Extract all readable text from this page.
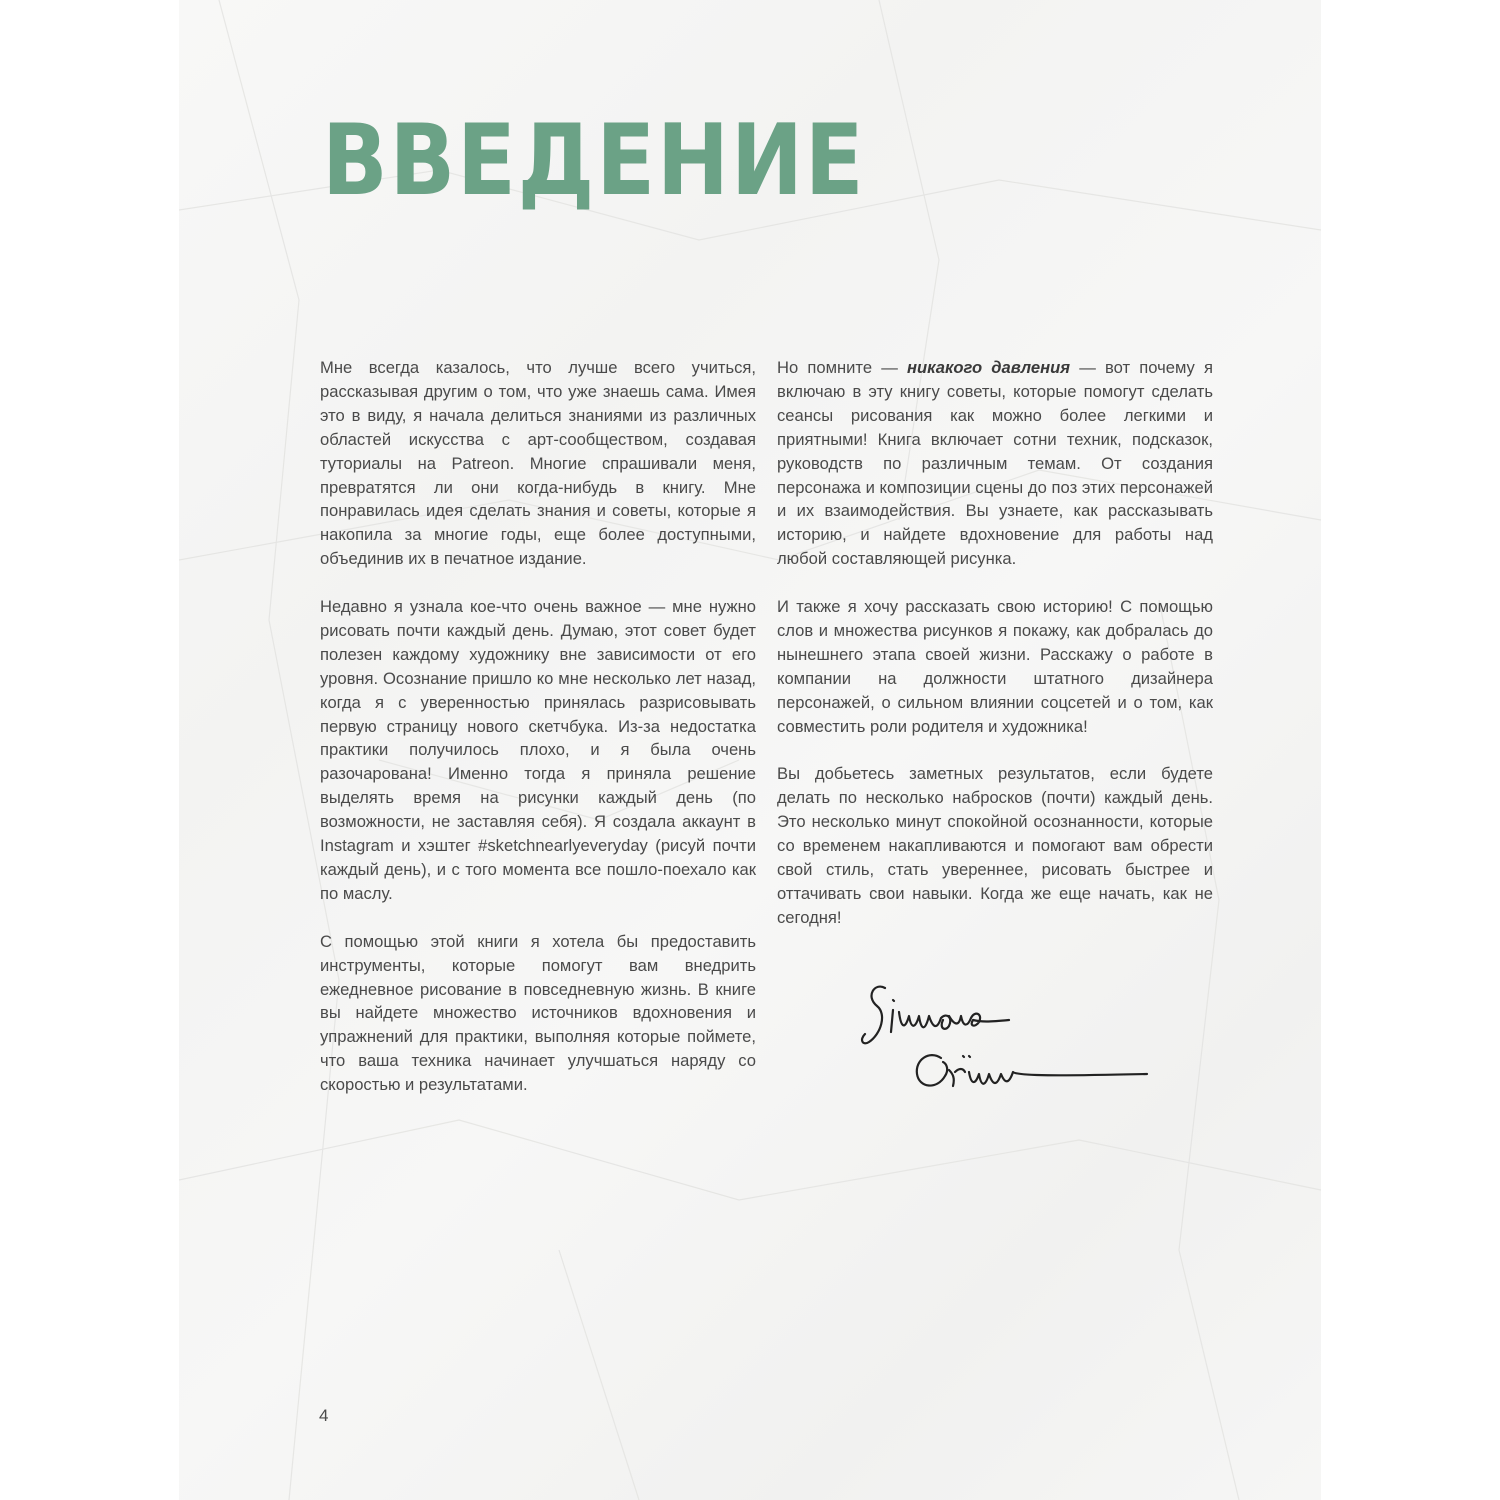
ВВЕДЕНИЕ

Мне всегда казалось, что лучше всего учиться, рассказывая другим о том, что уже знаешь сама. Имея это в виду, я начала делиться знаниями из различных областей искусства с арт-сообществом, создавая туториалы на Patreon. Многие спрашивали меня, превратятся ли они когда-нибудь в книгу. Мне понравилась идея сделать знания и советы, которые я накопила за многие годы, еще более доступными, объединив их в печатное издание.

Недавно я узнала кое-что очень важное — мне нужно рисовать почти каждый день. Думаю, этот совет будет полезен каждому художнику вне зависимости от его уровня. Осознание пришло ко мне несколько лет назад, когда я с уверенностью принялась разрисовывать первую страницу нового скетчбука. Из-за недостатка практики получилось плохо, и я была очень разочарована! Именно тогда я приняла решение выделять время на рисунки каждый день (по возможности, не заставляя себя). Я создала аккаунт в Instagram и хэштег #sketchnearlyeveryday (рисуй почти каждый день), и с того момента все пошло-поехало как по маслу.

С помощью этой книги я хотела бы предоставить инструменты, которые помогут вам внедрить ежедневное рисование в повседневную жизнь. В книге вы найдете множество источников вдохновения и упражнений для практики, выполняя которые поймете, что ваша техника начинает улучшаться наряду со скоростью и результатами.

Но помните — никакого давления — вот почему я включаю в эту книгу советы, которые помогут сделать сеансы рисования как можно более легкими и приятными! Книга включает сотни техник, подсказок, руководств по различным темам. От создания персонажа и композиции сцены до поз этих персонажей и их взаимодействия. Вы узнаете, как рассказывать историю, и найдете вдохновение для работы над любой составляющей рисунка.

И также я хочу рассказать свою историю! С помощью слов и множества рисунков я покажу, как добралась до нынешнего этапа своей жизни. Расскажу о работе в компании на должности штатного дизайнера персонажей, о сильном влиянии соцсетей и о том, как совместить роли родителя и художника!

Вы добьетесь заметных результатов, если будете делать по несколько набросков (почти) каждый день. Это несколько минут спокойной осознанности, которые со временем накапливаются и помогают вам обрести свой стиль, стать увереннее, рисовать быстрее и оттачивать свои навыки. Когда же еще начать, как не сегодня!

4
